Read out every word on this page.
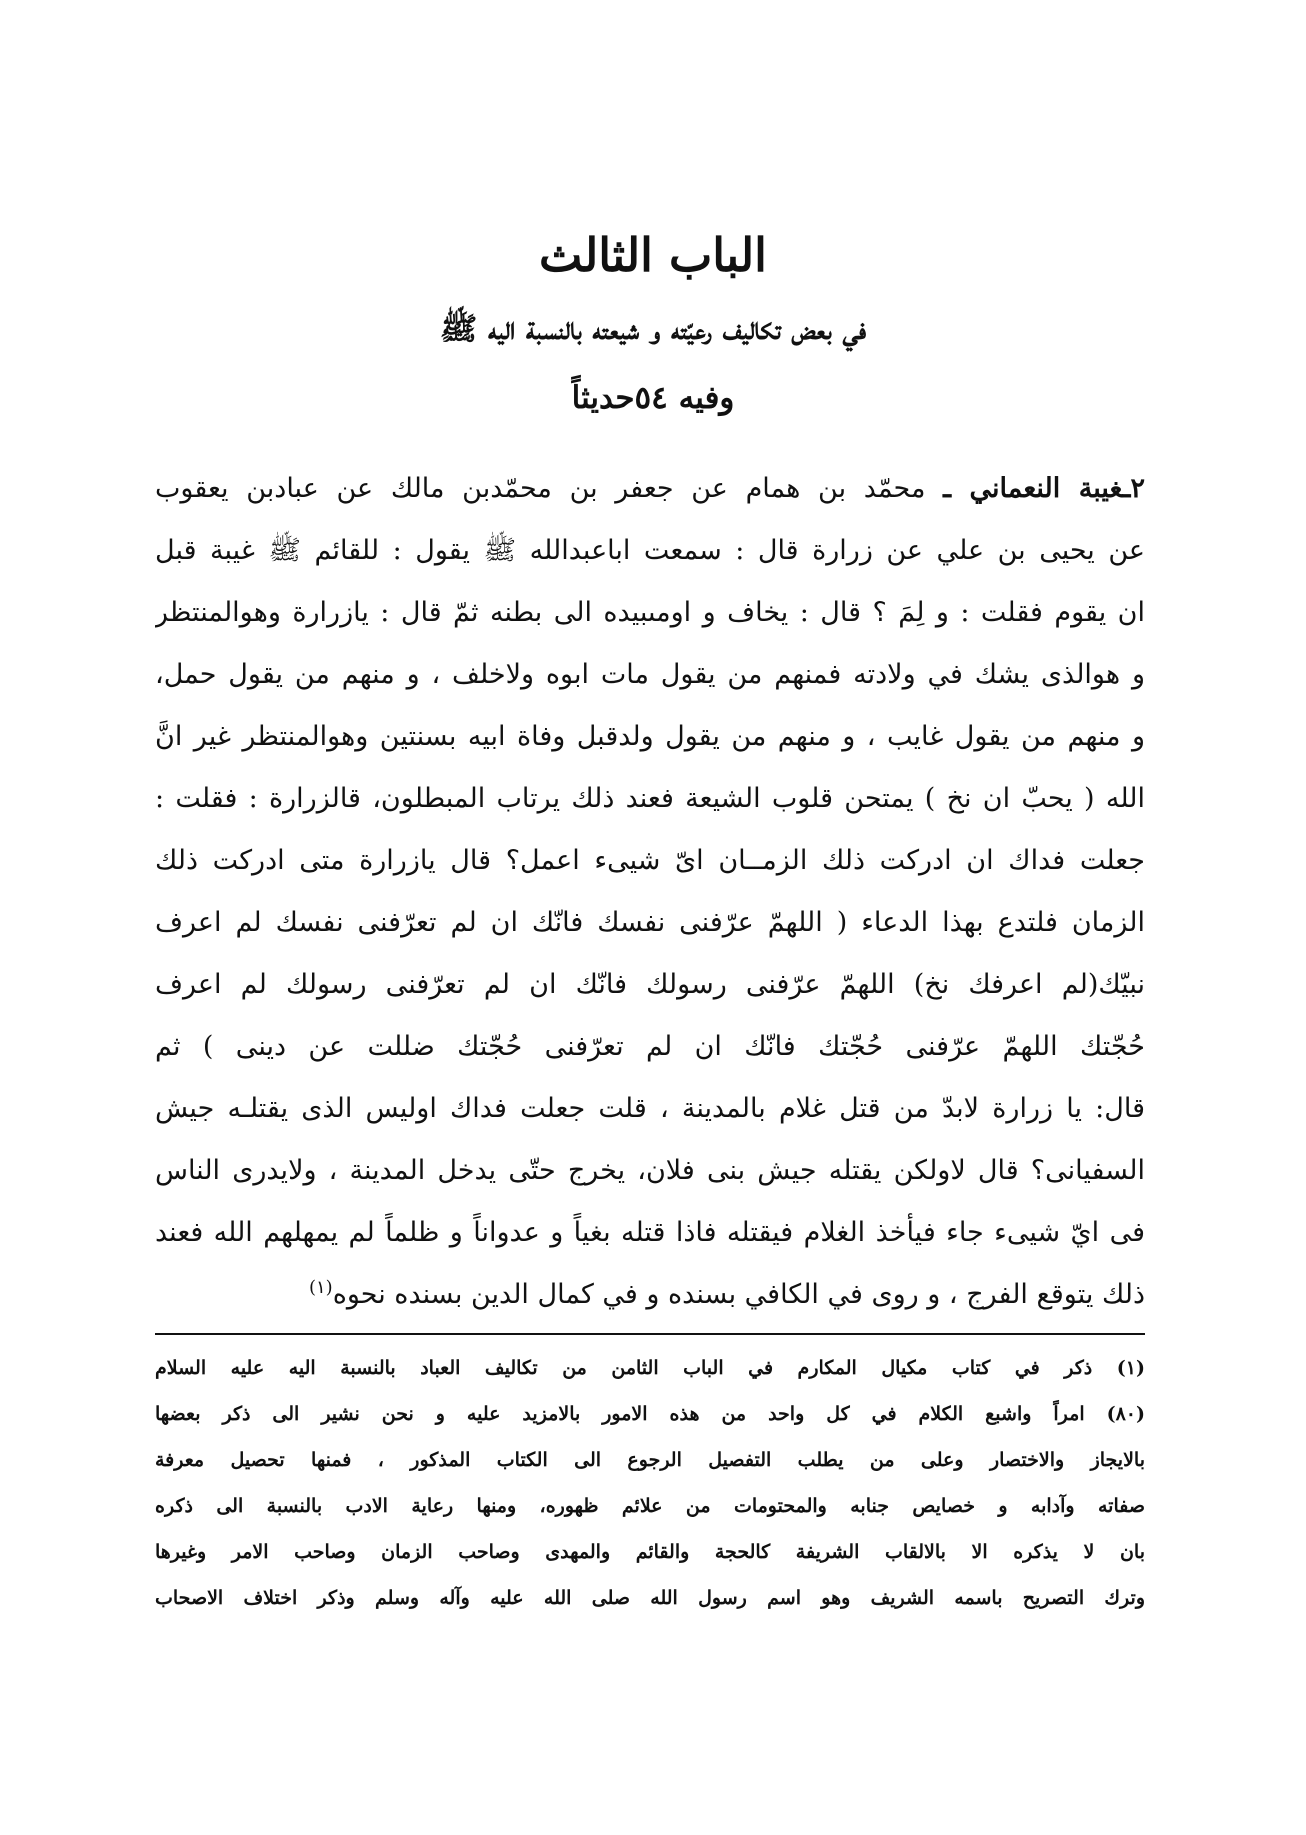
الباب الثالث
في بعض تكاليف رعيّته و شيعته بالنسبة اليه ﷺ
وفيه ٥٤حديثاً
٢ـغيبة النعماني ـ محمّد بن همام عن جعفر بن محمّدبن مالك عن عبادبن يعقوب
عن يحيى بن علي عن زرارة قال : سمعت اباعبدالله ﷺ يقول : للقائم ﷺ غيبة قبل
ان يقوم فقلت : و لِمَ ؟ قال : يخاف و اومىبيده الى بطنه ثمّ قال : يازرارة وهوالمنتظر
و هوالذى يشك في ولادته فمنهم من يقول مات ابوه ولاخلف ، و منهم من يقول حمل،
و منهم من يقول غايب ، و منهم من يقول ولدقبل وفاة ابيه بسنتين وهوالمنتظر غير انَّ
الله ( يحبّ ان نخ ) يمتحن قلوب الشيعة فعند ذلك يرتاب المبطلون، قالزرارة : فقلت :
جعلت فداك ان ادركت ذلك الزمــان اىّ شيىء اعمل؟ قال يازرارة متى ادركت ذلك
الزمان فلتدع بهذا الدعاء ( اللهمّ عرّفنى نفسك فانّك ان لم تعرّفنى نفسك لم اعرف
نبيّك(لم اعرفك نخ) اللهمّ عرّفنى رسولك فانّك ان لم تعرّفنى رسولك لم اعرف
حُجّتك اللهمّ عرّفنى حُجّتك فانّك ان لم تعرّفنى حُجّتك ضللت عن دينى ) ثم
قال: يا زرارة لابدّ من قتل غلام بالمدينة ، قلت جعلت فداك اوليس الذى يقتلـه جيش
السفيانى؟ قال لاولكن يقتله جيش بنى فلان، يخرج حتّى يدخل المدينة ، ولايدرى الناس
فى ايّ شيىء جاء فيأخذ الغلام فيقتله فاذا قتله بغياً و عدواناً و ظلماً لم يمهلهم الله فعند
ذلك يتوقع الفرج ، و روى في الكافي بسنده و في كمال الدين بسنده نحوه$^{(١)}$
(١) ذكر في كتاب مكيال المكارم في الباب الثامن من تكاليف العباد بالنسبة اليه عليه السلام
(٨٠) امراً واشبع الكلام في كل واحد من هذه الامور بالامزيد عليه و نحن نشير الى ذكر بعضها
بالايجاز والاختصار وعلى من يطلب التفصيل الرجوع الى الكتاب المذكور ، فمنها تحصيل معرفة
صفاته وآدابه و خصايص جنابه والمحتومات من علائم ظهوره، ومنها رعاية الادب بالنسبة الى ذكره
بان لا يذكره الا بالالقاب الشريفة كالحجة والقائم والمهدى وصاحب الزمان وصاحب الامر وغيرها
وترك التصريح باسمه الشريف وهو اسم رسول الله صلى الله عليه وآله وسلم وذكر اختلاف الاصحاب
